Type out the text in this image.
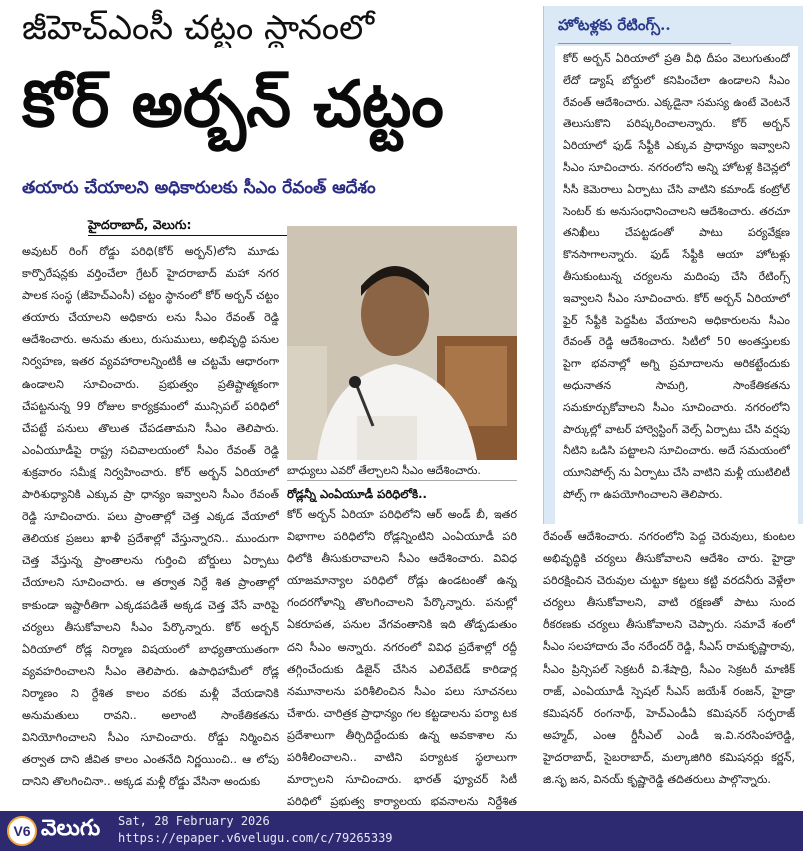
జీహెచ్ఎంసీ చట్టం స్థానంలో
కోర్ అర్బన్ చట్టం
తయారు చేయాలని అధికారులకు సీఎం రేవంత్ ఆదేశం
హైదరాబాద్, వెలుగు:

అవుటర్ రింగ్ రోడ్డు పరిధి(కోర్ అర్బన్)లోని మూడు కార్పొరేషన్లకు వర్తించేలా గ్రేటర్ హైదరాబాద్ మహా నగర పాలక సంస్థ (జీహెచ్ఎంసీ) చట్టం స్థానంలో కోర్ అర్బన్ చట్టం తయారు చేయాలని అధికారు లను సీఎం రేవంత్ రెడ్డి ఆదేశించారు. అనుమ తులు, రుసుములు, అభివృద్ధి పనుల నిర్వహణ, ఇతర వ్యవహారాలన్నింటికీ ఆ చట్టమే ఆధారంగా ఉండాలని సూచించారు. ప్రభుత్వం ప్రతిష్టాత్మకంగా చేపట్టనున్న 99 రోజుల కార్యక్రమంలో మున్సిపల్ పరిధిలో చేపట్టే పనులు తొలుత చేపడతామని సీఎం తెలిపారు. ఎంఏయూడీపై రాష్ట్ర సచివాలయంలో సీఎం రేవంత్ రెడ్డి శుక్రవారం సమీక్ష నిర్వహించారు. కోర్ అర్బన్ ఏరియాలో పారిశుధ్యానికి ఎక్కువ ప్రా ధాన్యం ఇవ్వాలని సీఎం రేవంత్ రెడ్డి సూచించారు. పలు ప్రాంతాల్లో చెత్త ఎక్కడ వేయాలో తెలియక ప్రజలు ఖాళీ ప్రదేశాల్లో వేస్తున్నారని.. ముందుగా చెత్త వేస్తున్న ప్రాంతాలను గుర్తించి బోర్డులు ఏర్పాటు చేయాలని సూచించారు. ఆ తర్వాత నిర్దే శిత ప్రాంతాల్లో కాకుండా ఇష్టారీతిగా ఎక్కడపడితే అక్కడ చెత్త వేసే వారిపై చర్యలు తీసుకోవాలని సీఎం పేర్కొన్నారు. కోర్ అర్బన్ ఏరియాలో రోడ్ల నిర్మాణ విషయంలో బాధ్యతాయుతంగా వ్యవహరించాలని సీఎం తెలిపారు. ఉపాధిహామీలో రోడ్ల నిర్మాణం ని ర్దేశిత కాలం వరకు మళ్లీ వేయడానికి అనుమతులు రావని.. అలాంటి సాంకేతికతను వినియోగించాలని సీఎం సూచించారు. రోడ్డు నిర్మించిన తర్వాత దాని జీవిత కాలం ఎంతనేది నిర్ణయించి.. ఆ లోపు దానిని తొలగించినా.. అక్కడ మళ్లీ రోడ్డు వేసినా అందుకు

బాధ్యులు ఎవరో తేల్చాలని సీఎం ఆదేశించారు.
రోడ్లన్నీ ఎంఏయూడీ పరిధిలోకి..

కోర్ అర్బన్ ఏరియా పరిధిలోని ఆర్ అండ్ బీ, ఇతర విభాగాల పరిధిలోని రోడ్లన్నింటిని ఎంఏయూడీ పరి ధిలోకి తీసుకురావాలని సీఎం ఆదేశించారు. వివిధ యాజమాన్యాల పరిధిలో రోడ్లు ఉండటంతో ఉన్న గందరగోళాన్ని తొలగించాలని పేర్కొన్నారు. పనుల్లో ఏకరూపత, పనుల వేగవంతానికి ఇది తోడ్పడుతుం దని సీఎం అన్నారు. నగరంలో వివిధ ప్రదేశాల్లో రద్దీ తగ్గించేందుకు డిజైన్ చేసిన ఎలివేటెడ్ కారిడార్ల నమూనాలను పరిశీలించిన సీఎం పలు సూచనలు చేశారు. చారిత్రక ప్రాధాన్యం గల కట్టడాలను పర్యా టక ప్రదేశాలుగా తీర్చిదిద్దేందుకు ఉన్న అవకాశాల ను పరిశీలించాలని.. వాటిని పర్యాటక స్థలాలుగా మార్చాలని సూచించారు. భారత్ ఫ్యూచర్ సిటీ పరిధిలో ప్రభుత్వ కార్యాలయ భవనాలను నిర్దేశిత

హోటళ్లకు రేటింగ్స్..

కోర్ అర్బన్ ఏరియాలో ప్రతి వీధి దీపం వెలుగుతుందో లేదో డ్యాష్ బోర్డులో కనిపించేలా ఉండాలని సీఎం రేవంత్ ఆదేశించారు. ఎక్కడైనా సమస్య ఉంటే వెంటనే తెలుసుకొని పరిష్కరించాలన్నారు. కోర్ అర్బన్ ఏరియాలో ఫుడ్ సేఫ్టీకి ఎక్కువ ప్రాధాన్యం ఇవ్వాలని సీఎం సూచించారు. నగరంలోని అన్ని హోటళ్ల కిచెన్లలో సీసీ కెమెరాలు ఏర్పాటు చేసి వాటిని కమాండ్ కంట్రోల్ సెంటర్ కు అనుసంధానించాలని ఆదేశించారు. తరచూ తనిఖీలు చేపట్టడంతో పాటు పర్యవేక్షణ కొనసాగాలన్నారు. ఫుడ్ సేఫ్టీకి ఆయా హోటళ్లు తీసుకుంటున్న చర్యలను మదింపు చేసి రేటింగ్స్ ఇవ్వాలని సీఎం సూచించారు. కోర్ అర్బన్ ఏరియాలో ఫైర్ సేఫ్టీకి పెద్దపీట వేయాలని అధికారులను సీఎం రేవంత్ రెడ్డి ఆదేశించారు. సిటీలో 50 అంతస్తులకు పైగా భవనాల్లో అగ్ని ప్రమాదాలను అరికట్టేందుకు అధునాతన సామగ్రి, సాంకేతికతను సమకూర్చుకోవాలని సీఎం సూచించారు. నగరంలోని పార్కుల్లో వాటర్ హార్వెస్టింగ్ వెల్స్ ఏర్పాటు చేసి వర్షపు నీటిని ఒడిసి పట్టాలని సూచించారు. అదే సమయంలో యూనిపోల్స్ ను ఏర్పాటు చేసి వాటిని మళ్లీ యుటిలిటీ పోల్స్ గా ఉపయోగించాలని తెలిపారు.

రేవంత్ ఆదేశించారు. నగరంలోని పెద్ద చెరువులు, కుంటల అభివృద్ధికి చర్యలు తీసుకోవాలని ఆదేశిం చారు. హైడ్రా పరిరక్షించిన చెరువుల చుట్టూ కట్టలు కట్టి వరదనీరు వెళ్లేలా చర్యలు తీసుకోవాలని, వాటి రక్షణతో పాటు సుంద రీకరణకు చర్యలు తీసుకోవాలని చెప్పారు. సమావే శంలో సీఎం సలహాదారు వేం నరేందర్ రెడ్డి, సీఎస్ రామకృష్ణారావు, సీఎం ప్రిన్సిపల్ సెక్రటరీ వి.శేషాద్రి, సీఎం సెక్రటరీ మాణిక్ రాజ్, ఎంఏయూడీ స్పెషల్ సీఎస్ జయేశ్ రంజన్, హైడ్రా కమిషనర్ రంగనాథ్, హెచ్ఎండీఏ కమిషనర్ సర్ఫరాజ్ అహ్మద్, ఎంఆ ర్డీసీఎల్ ఎండీ ఇ.వి.నరసింహారెడ్డి, హైదరాబాద్, సైబరాబాద్, మల్కాజిగిరి కమిషనర్లు కర్ణన్, జి.సృ జన, వినయ్ కృష్ణారెడ్డి తదితరులు పాల్గొన్నారు.

V6 వెలుగు Sat, 28 February 2026
https://epaper.v6velugu.com/c/79265339
